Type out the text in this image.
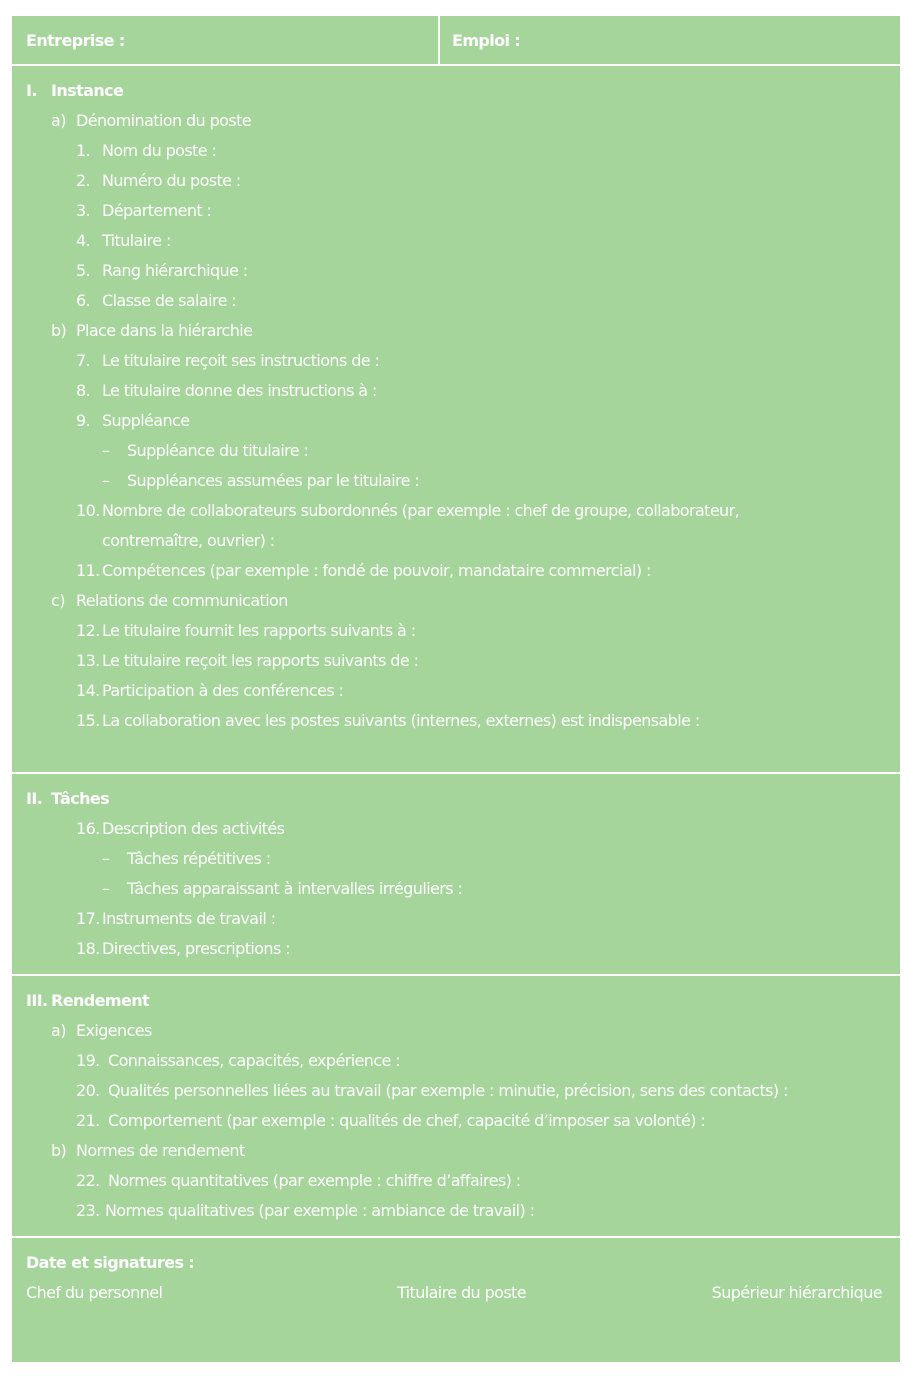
Entreprise :	Emploi :
I. Instance
a) Dénomination du poste
1. Nom du poste :
2. Numéro du poste :
3. Département :
4. Titulaire :
5. Rang hiérarchique :
6. Classe de salaire :
b) Place dans la hiérarchie
7. Le titulaire reçoit ses instructions de :
8. Le titulaire donne des instructions à :
9. Suppléance
– Suppléance du titulaire :
– Suppléances assumées par le titulaire :
10. Nombre de collaborateurs subordonnés (par exemple : chef de groupe, collaborateur,
contremaître, ouvrier) :
11. Compétences (par exemple : fondé de pouvoir, mandataire commercial) :
c) Relations de communication
12. Le titulaire fournit les rapports suivants à :
13. Le titulaire reçoit les rapports suivants de :
14. Participation à des conférences :
15. La collaboration avec les postes suivants (internes, externes) est indispensable :
II. Tâches
16. Description des activités
– Tâches répétitives :
– Tâches apparaissant à intervalles irréguliers :
17. Instruments de travail :
18. Directives, prescriptions :
III. Rendement
a) Exigences
19. Connaissances, capacités, expérience :
20. Qualités personnelles liées au travail (par exemple : minutie, précision, sens des contacts) :
21. Comportement (par exemple : qualités de chef, capacité d’imposer sa volonté) :
b) Normes de rendement
22. Normes quantitatives (par exemple : chiffre d’affaires) :
23. Normes qualitatives (par exemple : ambiance de travail) :
Date et signatures :
Chef du personnel	Titulaire du poste	Supérieur hiérarchique
